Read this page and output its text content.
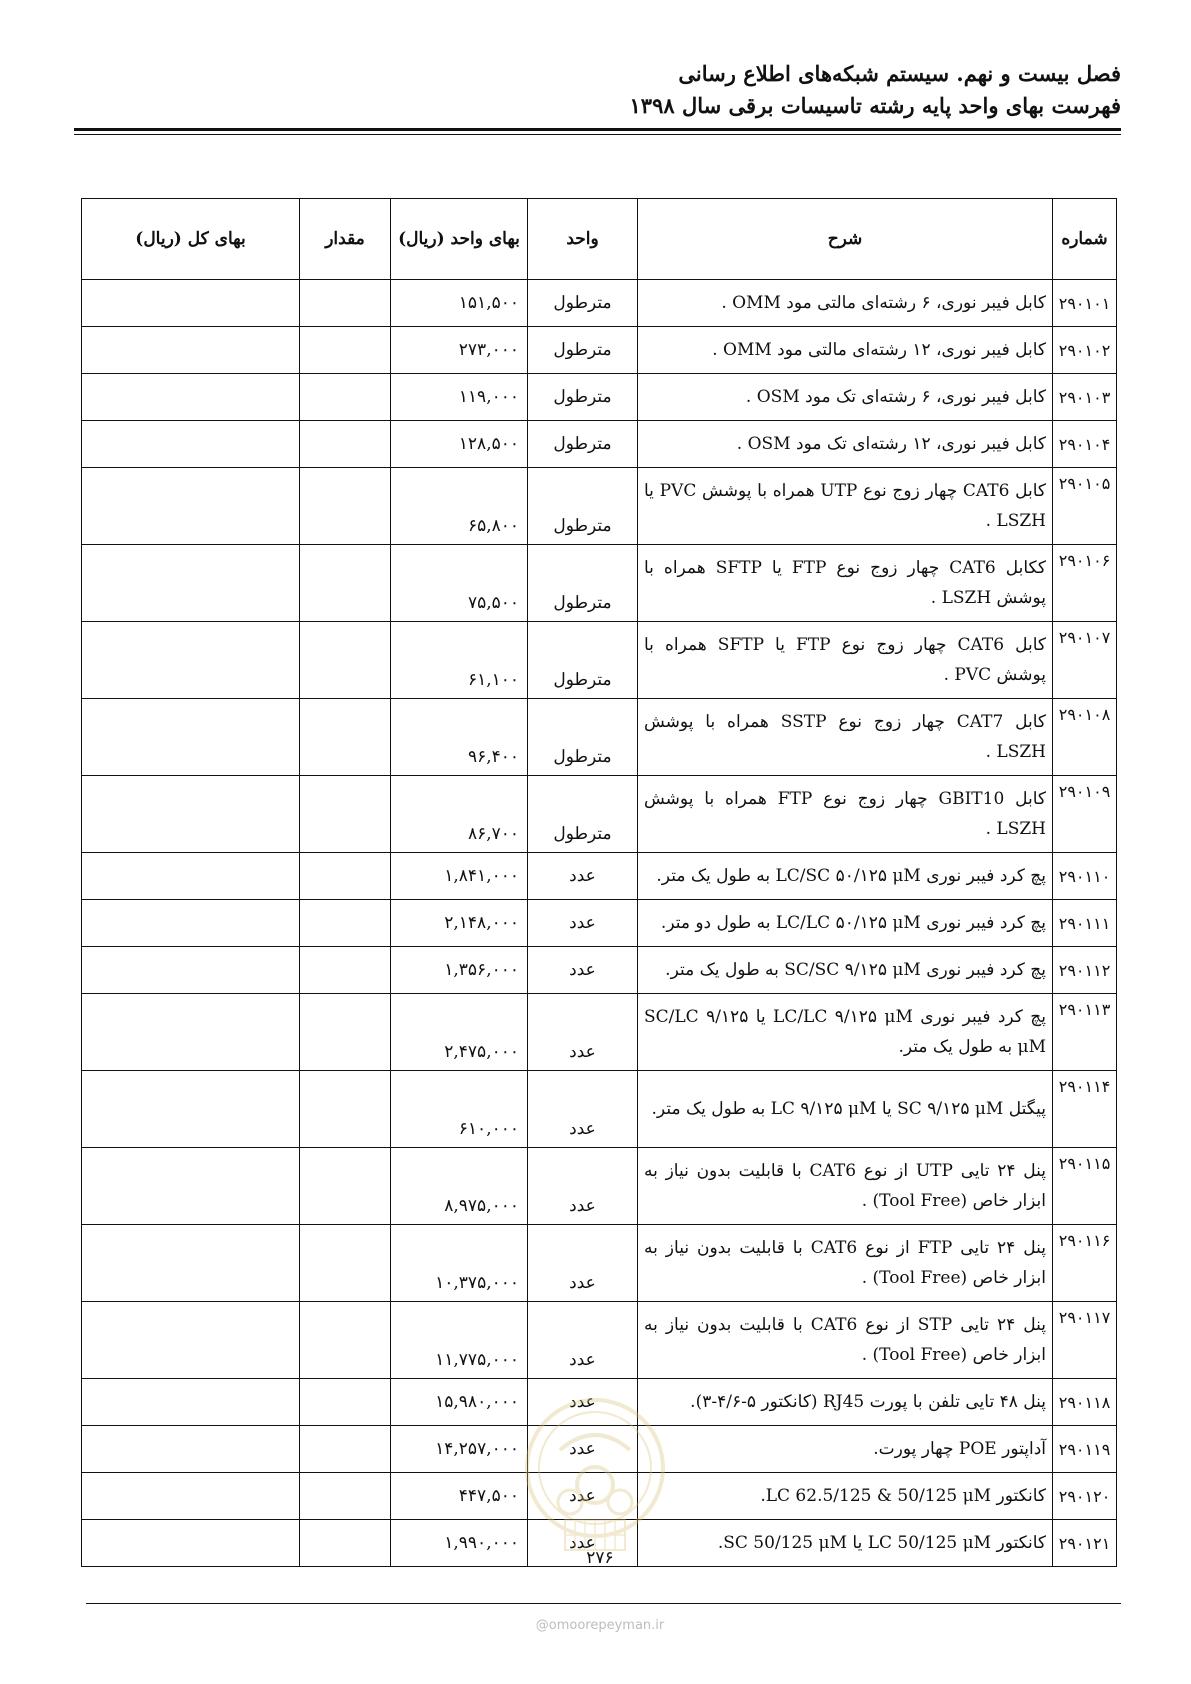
فصل بیست و نهم. سیستم شبکه‌های اطلاع رسانی
فهرست بهای واحد پایه رشته تاسیسات برقی سال ۱۳۹۸
شماره	شرح	واحد	بهای واحد (ریال)	مقدار	بهای کل (ریال)
۲۹۰۱۰۱	کابل فیبر نوری، ۶ رشته‌ای مالتی مود OMM .	مترطول	۱۵۱,۵۰۰		
۲۹۰۱۰۲	کابل فیبر نوری، ۱۲ رشته‌ای مالتی مود OMM .	مترطول	۲۷۳,۰۰۰		
۲۹۰۱۰۳	کابل فیبر نوری، ۶ رشته‌ای تک مود OSM .	مترطول	۱۱۹,۰۰۰		
۲۹۰۱۰۴	کابل فیبر نوری، ۱۲ رشته‌ای تک مود OSM .	مترطول	۱۲۸,۵۰۰		
۲۹۰۱۰۵	کابل CAT6 چهار زوج نوع UTP همراه با پوشش PVC یا LSZH .	مترطول	۶۵,۸۰۰		
۲۹۰۱۰۶	ککابل CAT6 چهار زوج نوع FTP یا SFTP همراه با پوشش LSZH .	مترطول	۷۵,۵۰۰		
۲۹۰۱۰۷	کابل CAT6 چهار زوج نوع FTP یا SFTP همراه با پوشش PVC .	مترطول	۶۱,۱۰۰		
۲۹۰۱۰۸	کابل CAT7 چهار زوج نوع SSTP همراه با پوشش LSZH .	مترطول	۹۶,۴۰۰		
۲۹۰۱۰۹	کابل GBIT10 چهار زوج نوع FTP همراه با پوشش LSZH .	مترطول	۸۶,۷۰۰		
۲۹۰۱۱۰	پچ کرد فیبر نوری LC/SC ۵۰/۱۲۵ μM به طول یک متر.	عدد	۱,۸۴۱,۰۰۰		
۲۹۰۱۱۱	پچ کرد فیبر نوری LC/LC ۵۰/۱۲۵ μM به طول دو متر.	عدد	۲,۱۴۸,۰۰۰		
۲۹۰۱۱۲	پچ کرد فیبر نوری SC/SC ۹/۱۲۵ μM به طول یک متر.	عدد	۱,۳۵۶,۰۰۰		
۲۹۰۱۱۳	پچ کرد فیبر نوری LC/LC ۹/۱۲۵ μM یا SC/LC ۹/۱۲۵ μM به طول یک متر.	عدد	۲,۴۷۵,۰۰۰		
۲۹۰۱۱۴	پیگتل SC ۹/۱۲۵ μM یا LC ۹/۱۲۵ μM به طول یک متر.	عدد	۶۱۰,۰۰۰		
۲۹۰۱۱۵	پنل ۲۴ تایی UTP از نوع CAT6 با قابلیت بدون نیاز به ابزار خاص (Tool Free) .	عدد	۸,۹۷۵,۰۰۰		
۲۹۰۱۱۶	پنل ۲۴ تایی FTP از نوع CAT6 با قابلیت بدون نیاز به ابزار خاص (Tool Free) .	عدد	۱۰,۳۷۵,۰۰۰		
۲۹۰۱۱۷	پنل ۲۴ تایی STP از نوع CAT6 با قابلیت بدون نیاز به ابزار خاص (Tool Free) .	عدد	۱۱,۷۷۵,۰۰۰		
۲۹۰۱۱۸	پنل ۴۸ تایی تلفن با پورت RJ45 (کانکتور ۵-۴/۶-۳).	عدد	۱۵,۹۸۰,۰۰۰		
۲۹۰۱۱۹	آداپتور POE چهار پورت.	عدد	۱۴,۲۵۷,۰۰۰		
۲۹۰۱۲۰	کانکتور LC 62.5/125 & 50/125 μM.	عدد	۴۴۷,۵۰۰		
۲۹۰۱۲۱	کانکتور LC 50/125 μM یا SC 50/125 μM.	عدد	۱,۹۹۰,۰۰۰		
۲۷۶
@omoorepeyman.ir
